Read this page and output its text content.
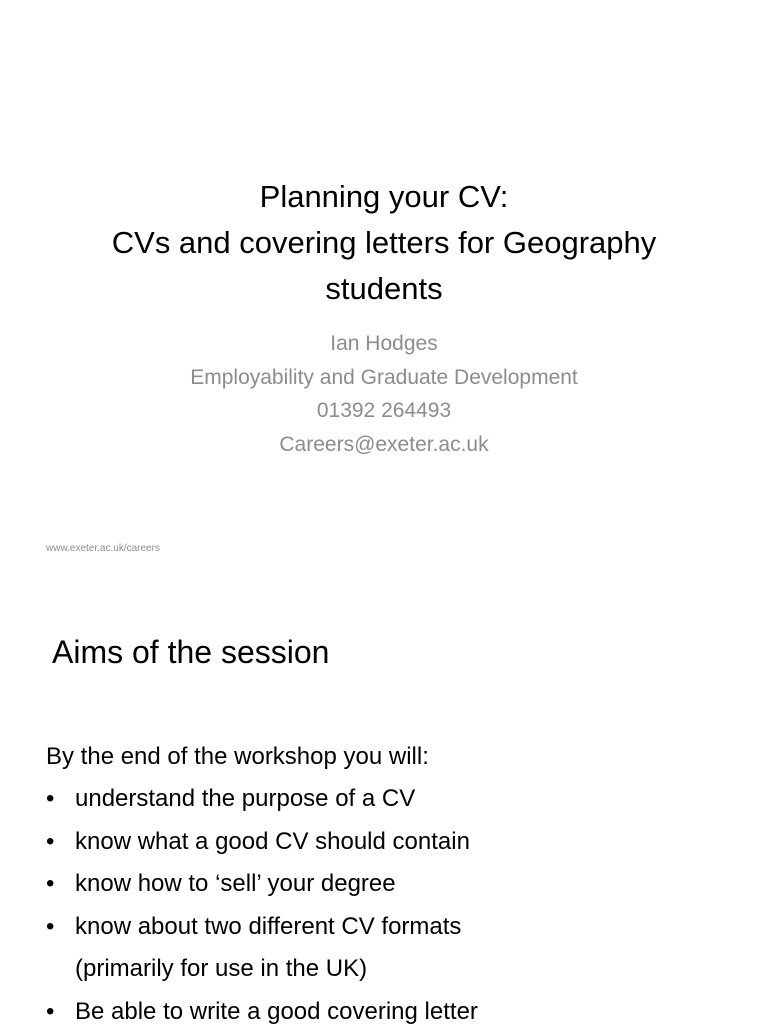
Planning your CV:
CVs and covering letters for Geography
students
Ian Hodges
Employability and Graduate Development
01392 264493
Careers@exeter.ac.uk
www.exeter.ac.uk/careers
Aims of the session
By the end of the workshop you will:
• understand the purpose of a CV
• know what a good CV should contain
• know how to ‘sell’ your degree
• know about two different CV formats
(primarily for use in the UK)
• Be able to write a good covering letter
